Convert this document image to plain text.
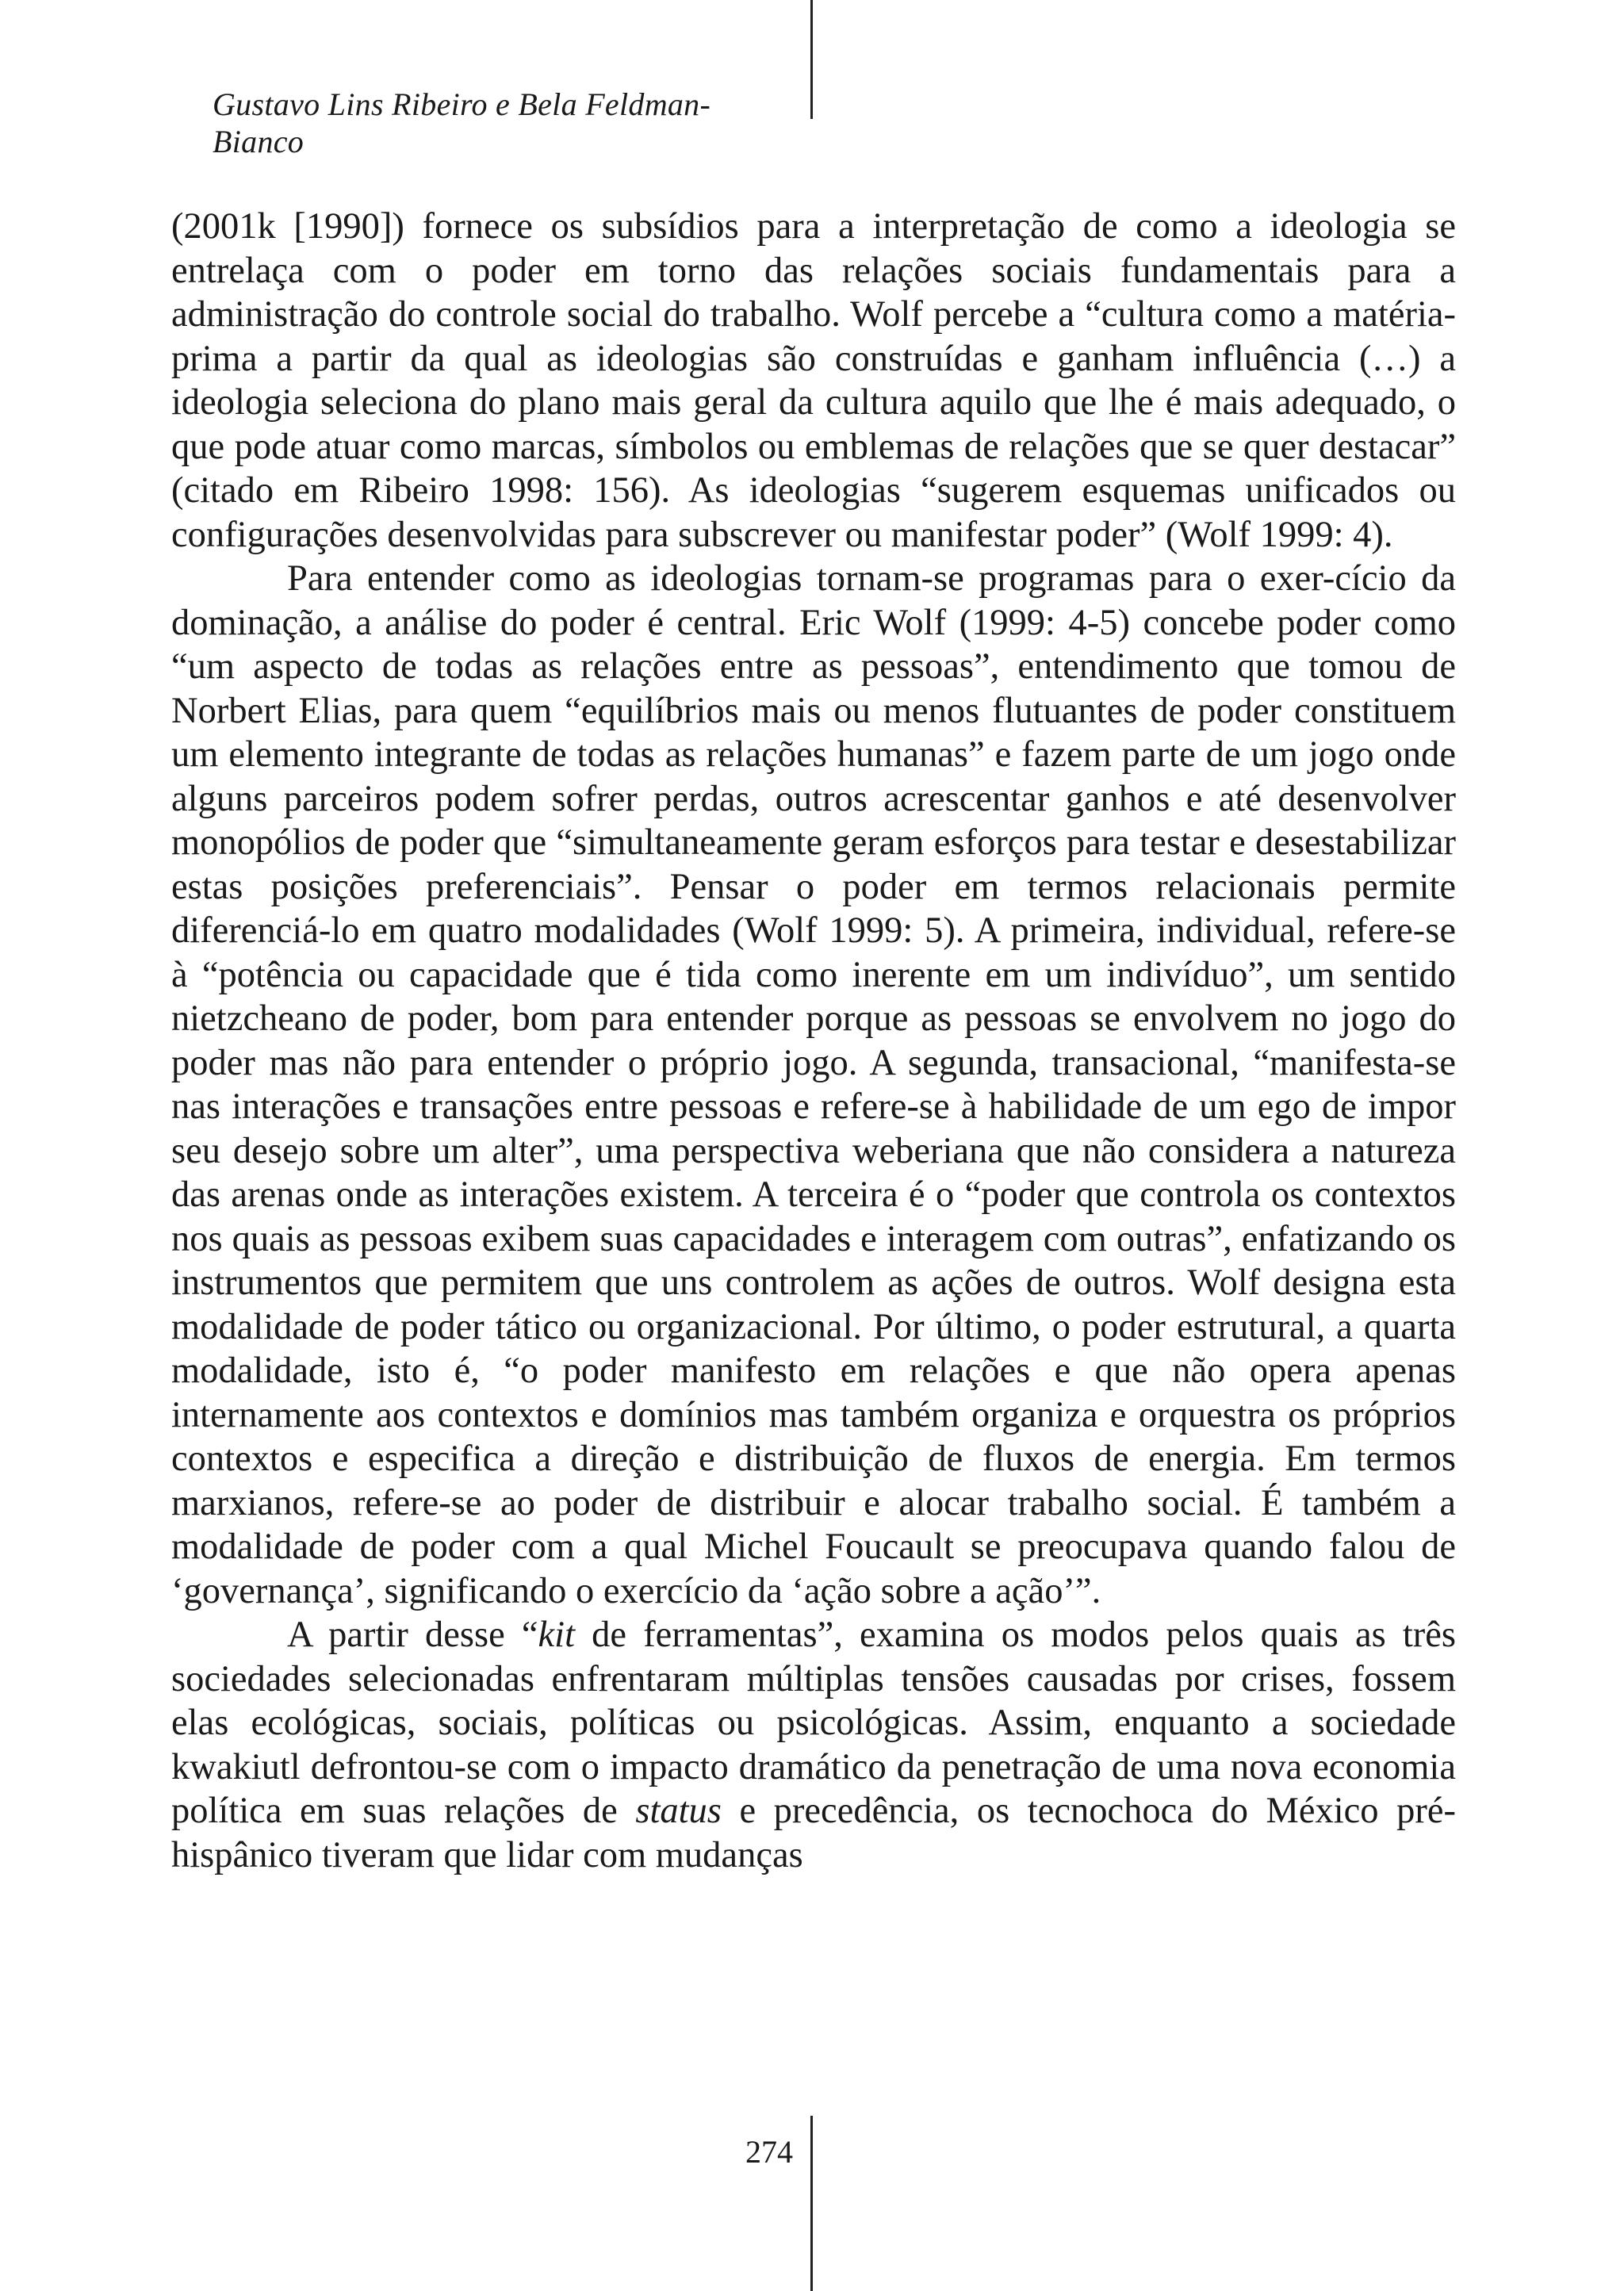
Gustavo Lins Ribeiro e Bela Feldman-Bianco

(2001k [1990]) fornece os subsídios para a interpretação de como a ideologia se entrelaça com o poder em torno das relações sociais fundamentais para a administração do controle social do trabalho. Wolf percebe a “cultura como a matéria-prima a partir da qual as ideologias são construídas e ganham influência (…) a ideologia seleciona do plano mais geral da cultura aquilo que lhe é mais adequado, o que pode atuar como marcas, símbolos ou emblemas de relações que se quer destacar” (citado em Ribeiro 1998: 156). As ideologias “sugerem esquemas unificados ou configurações desenvolvidas para subscrever ou manifestar poder” (Wolf 1999: 4).

Para entender como as ideologias tornam-se programas para o exer-cício da dominação, a análise do poder é central. Eric Wolf (1999: 4-5) concebe poder como “um aspecto de todas as relações entre as pessoas”, entendimento que tomou de Norbert Elias, para quem “equilíbrios mais ou menos flutuantes de poder constituem um elemento integrante de todas as relações humanas” e fazem parte de um jogo onde alguns parceiros podem sofrer perdas, outros acrescentar ganhos e até desenvolver monopólios de poder que “simultaneamente geram esforços para testar e desestabilizar estas posições preferenciais”. Pensar o poder em termos relacionais permite diferenciá-lo em quatro modalidades (Wolf 1999: 5). A primeira, individual, refere-se à “potência ou capacidade que é tida como inerente em um indivíduo”, um sentido nietzcheano de poder, bom para entender porque as pessoas se envolvem no jogo do poder mas não para entender o próprio jogo. A segunda, transacional, “manifesta-se nas interações e transações entre pessoas e refere-se à habilidade de um ego de impor seu desejo sobre um alter”, uma perspectiva weberiana que não considera a natureza das arenas onde as interações existem. A terceira é o “poder que controla os contextos nos quais as pessoas exibem suas capacidades e interagem com outras”, enfatizando os instrumentos que permitem que uns controlem as ações de outros. Wolf designa esta modalidade de poder tático ou organizacional. Por último, o poder estrutural, a quarta modalidade, isto é, “o poder manifesto em relações e que não opera apenas internamente aos contextos e domínios mas também organiza e orquestra os próprios contextos e especifica a direção e distribuição de fluxos de energia. Em termos marxianos, refere-se ao poder de distribuir e alocar trabalho social. É também a modalidade de poder com a qual Michel Foucault se preocupava quando falou de ‘governança’, significando o exercício da ‘ação sobre a ação’”.

A partir desse “kit de ferramentas”, examina os modos pelos quais as três sociedades selecionadas enfrentaram múltiplas tensões causadas por crises, fossem elas ecológicas, sociais, políticas ou psicológicas. Assim, enquanto a sociedade kwakiutl defrontou-se com o impacto dramático da penetração de uma nova economia política em suas relações de status e precedência, os tecnochoca do México pré-hispânico tiveram que lidar com mudanças

274
